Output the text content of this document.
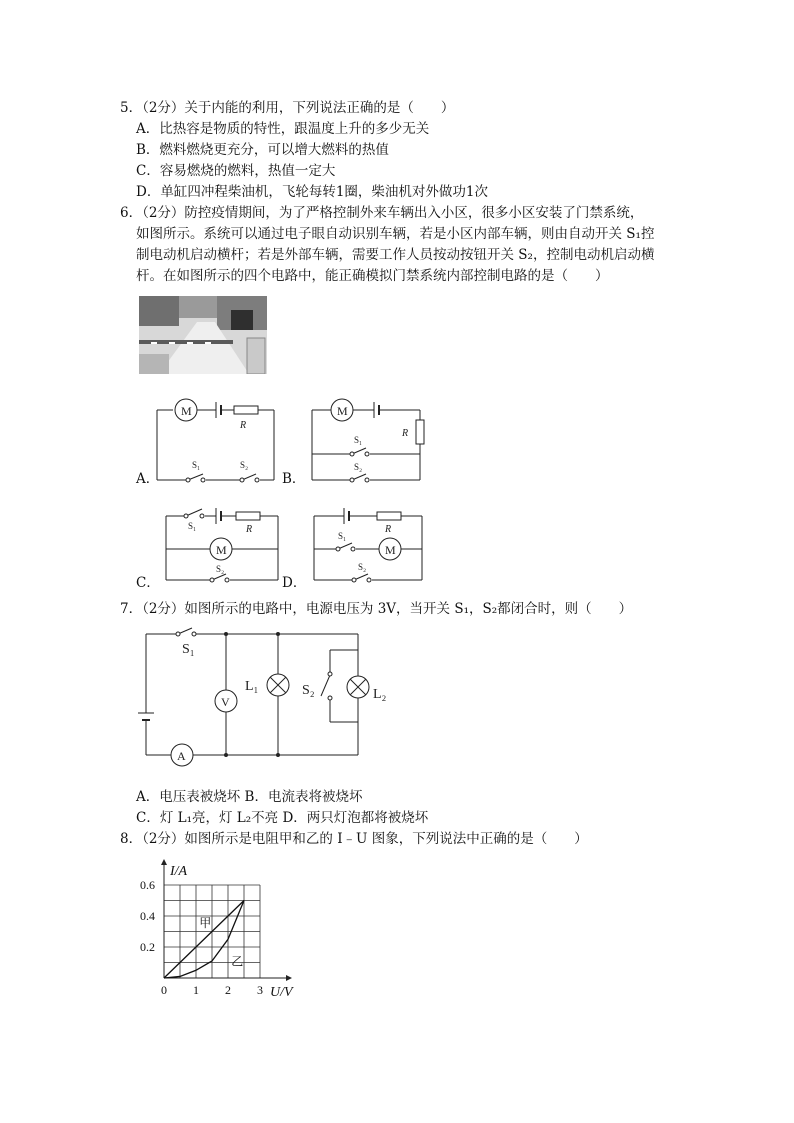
5．（2分）关于内能的利用，下列说法正确的是（　　）
A．比热容是物质的特性，跟温度上升的多少无关
B．燃料燃烧更充分，可以增大燃料的热值
C．容易燃烧的燃料，热值一定大
D．单缸四冲程柴油机，飞轮每转1圈，柴油机对外做功1次
6．（2分）防控疫情期间，为了严格控制外来车辆出入小区，很多小区安装了门禁系统，
如图所示。系统可以通过电子眼自动识别车辆，若是小区内部车辆，则由自动开关 S₁控
制电动机启动横杆；若是外部车辆，需要工作人员按动按钮开关 S₂，控制电动机启动横
杆。在如图所示的四个电路中，能正确模拟门禁系统内部控制电路的是（　　）
M	M
M	M
R
R
R	R
S₁	S₂
S₁
S₂
S₁
S₂
S₁
S₂
A．	B．
C．	D．
7．（2分）如图所示的电路中，电源电压为 3V，当开关 S₁，S₂都闭合时，则（　　）
V
A
S₁
L₁	S₂	L₂
A．电压表被烧坏 B．电流表将被烧坏
C．灯 L₁亮，灯 L₂不亮 D．两只灯泡都将被烧坏
8．（2分）如图所示是电阻甲和乙的 I﹣U 图象，下列说法中正确的是（　　）
甲
乙
0 1 2 3
0.2
0.4
0.6
I/A
U/V
